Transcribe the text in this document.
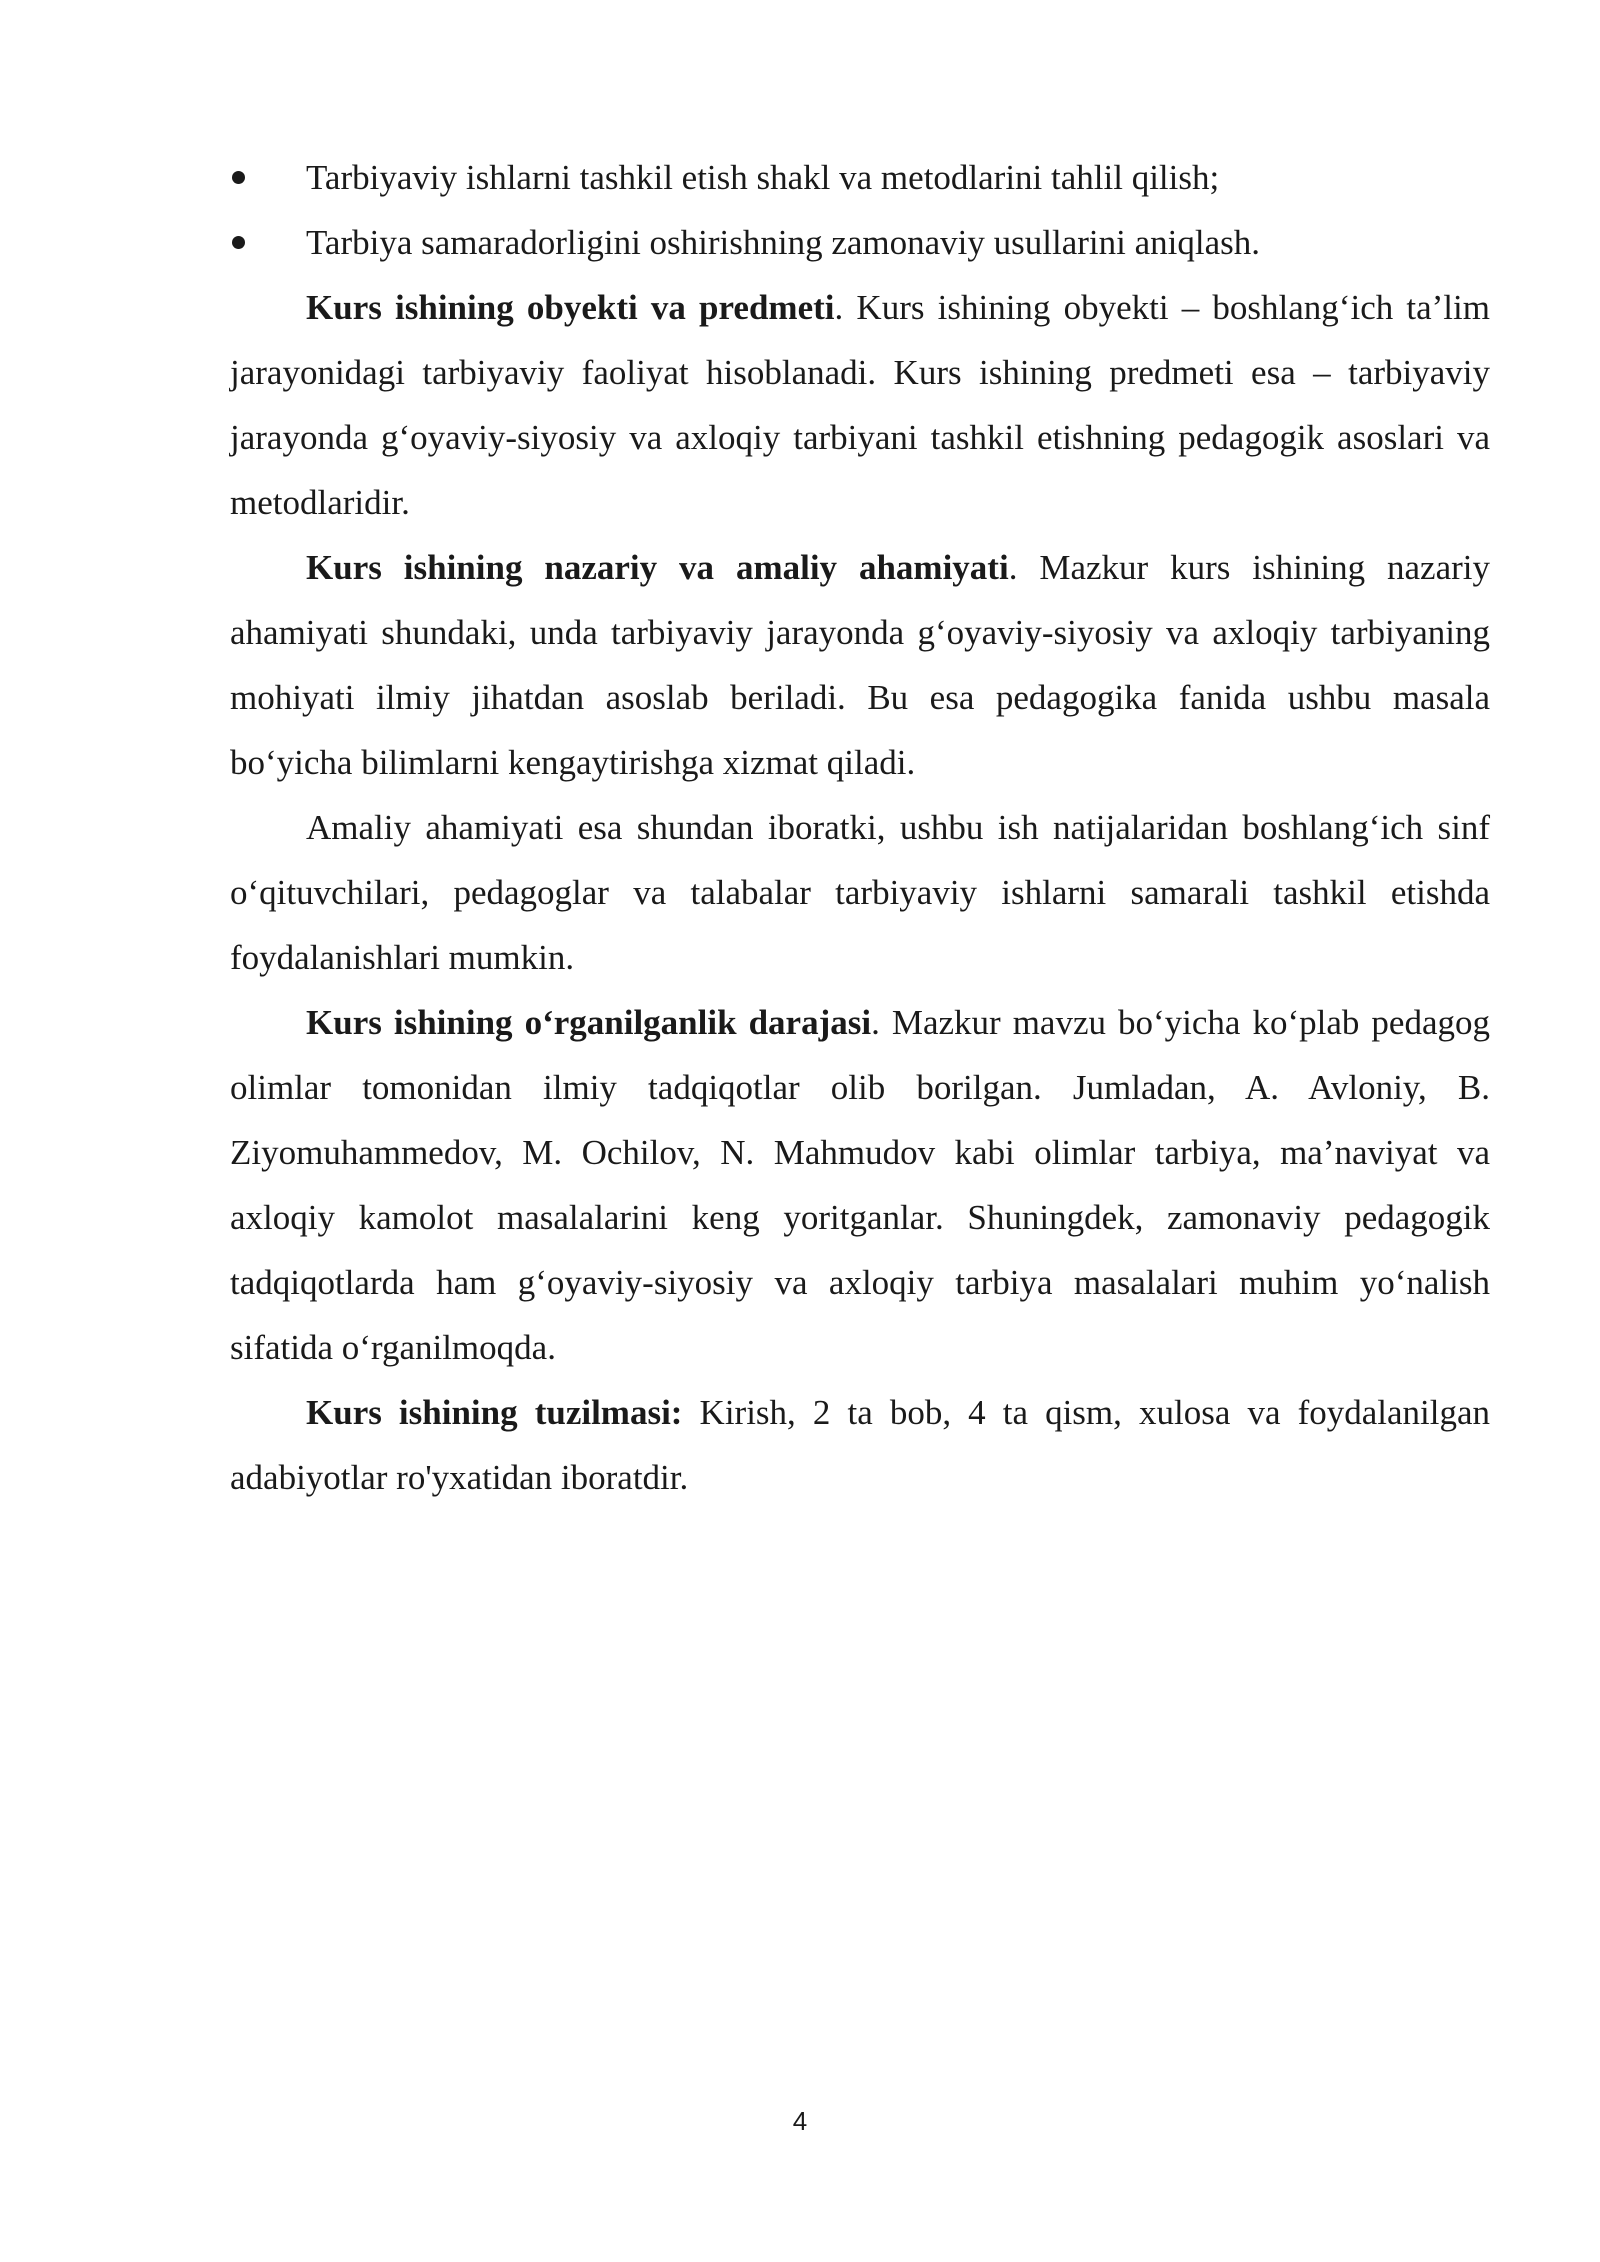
Tarbiyaviy ishlarni tashkil etish shakl va metodlarini tahlil qilish;
Tarbiya samaradorligini oshirishning zamonaviy usullarini aniqlash.

Kurs ishining obyekti va predmeti. Kurs ishining obyekti – boshlang‘ich ta’lim jarayonidagi tarbiyaviy faoliyat hisoblanadi. Kurs ishining predmeti esa – tarbiyaviy jarayonda g‘oyaviy-siyosiy va axloqiy tarbiyani tashkil etishning pedagogik asoslari va metodlaridir.

Kurs ishining nazariy va amaliy ahamiyati. Mazkur kurs ishining nazariy ahamiyati shundaki, unda tarbiyaviy jarayonda g‘oyaviy-siyosiy va axloqiy tarbiyaning mohiyati ilmiy jihatdan asoslab beriladi. Bu esa pedagogika fanida ushbu masala bo‘yicha bilimlarni kengaytirishga xizmat qiladi.

Amaliy ahamiyati esa shundan iboratki, ushbu ish natijalaridan boshlang‘ich sinf o‘qituvchilari, pedagoglar va talabalar tarbiyaviy ishlarni samarali tashkil etishda foydalanishlari mumkin.

Kurs ishining o‘rganilganlik darajasi. Mazkur mavzu bo‘yicha ko‘plab pedagog olimlar tomonidan ilmiy tadqiqotlar olib borilgan. Jumladan, A. Avloniy, B. Ziyomuhammedov, M. Ochilov, N. Mahmudov kabi olimlar tarbiya, ma’naviyat va axloqiy kamolot masalalarini keng yoritganlar. Shuningdek, zamonaviy pedagogik tadqiqotlarda ham g‘oyaviy-siyosiy va axloqiy tarbiya masalalari muhim yo‘nalish sifatida o‘rganilmoqda.

Kurs ishining tuzilmasi: Kirish, 2 ta bob, 4 ta qism, xulosa va foydalanilgan adabiyotlar ro'yxatidan iboratdir.

4
